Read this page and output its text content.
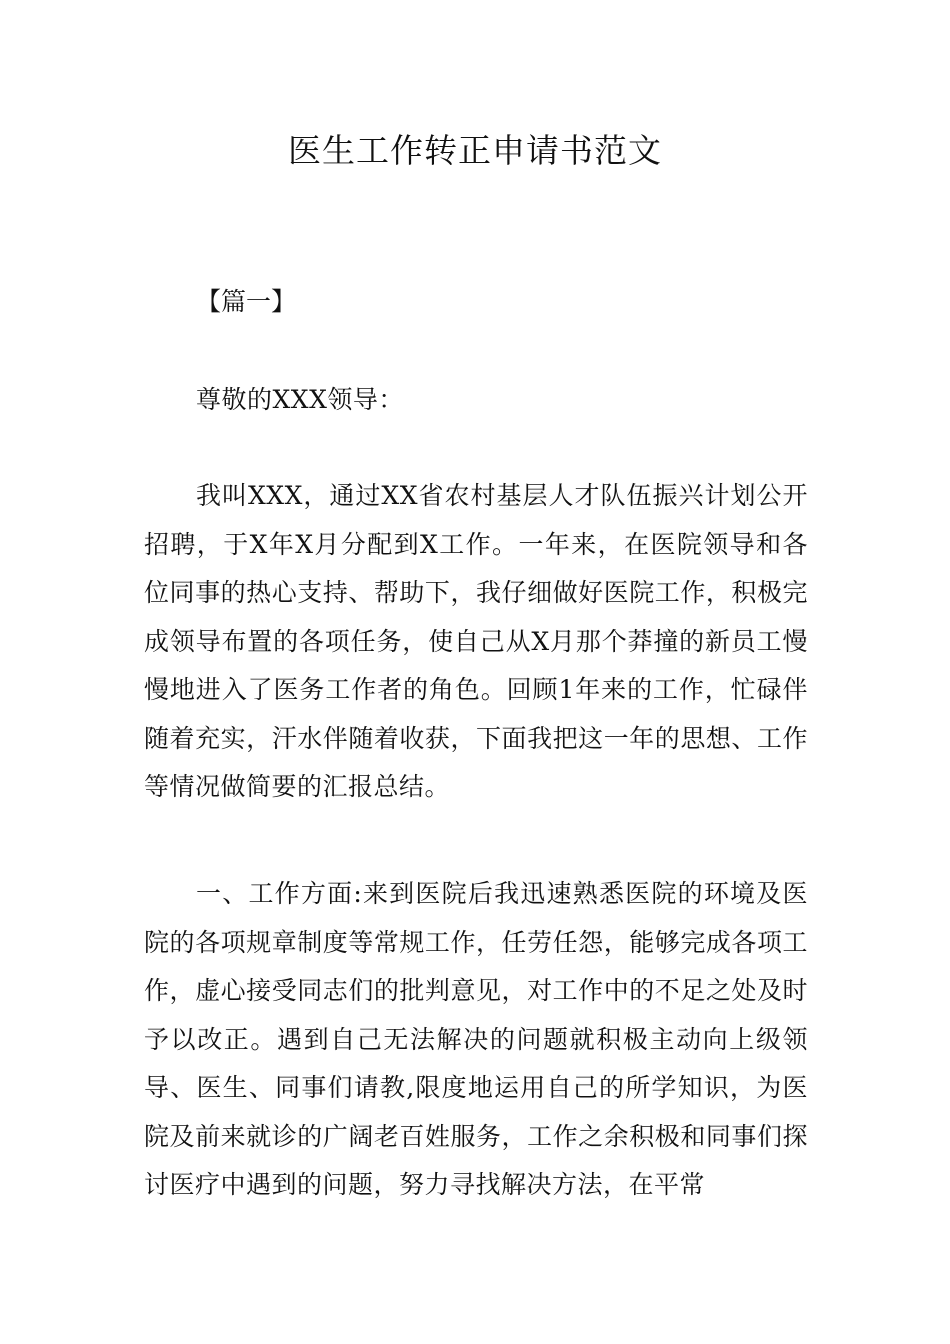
医生工作转正申请书范文

【篇一】

尊敬的XXX领导：

我叫XXX，通过XX省农村基层人才队伍振兴计划公开招聘，于X年X月分配到X工作。一年来，在医院领导和各位同事的热心支持、帮助下，我仔细做好医院工作，积极完成领导布置的各项任务，使自己从X月那个莽撞的新员工慢慢地进入了医务工作者的角色。回顾1年来的工作，忙碌伴随着充实，汗水伴随着收获，下面我把这一年的思想、工作等情况做简要的汇报总结。

一、工作方面:来到医院后我迅速熟悉医院的环境及医院的各项规章制度等常规工作，任劳任怨，能够完成各项工作，虚心接受同志们的批判意见，对工作中的不足之处及时予以改正。遇到自己无法解决的问题就积极主动向上级领导、医生、同事们请教,限度地运用自己的所学知识，为医院及前来就诊的广阔老百姓服务，工作之余积极和同事们探讨医疗中遇到的问题，努力寻找解决方法，在平常
